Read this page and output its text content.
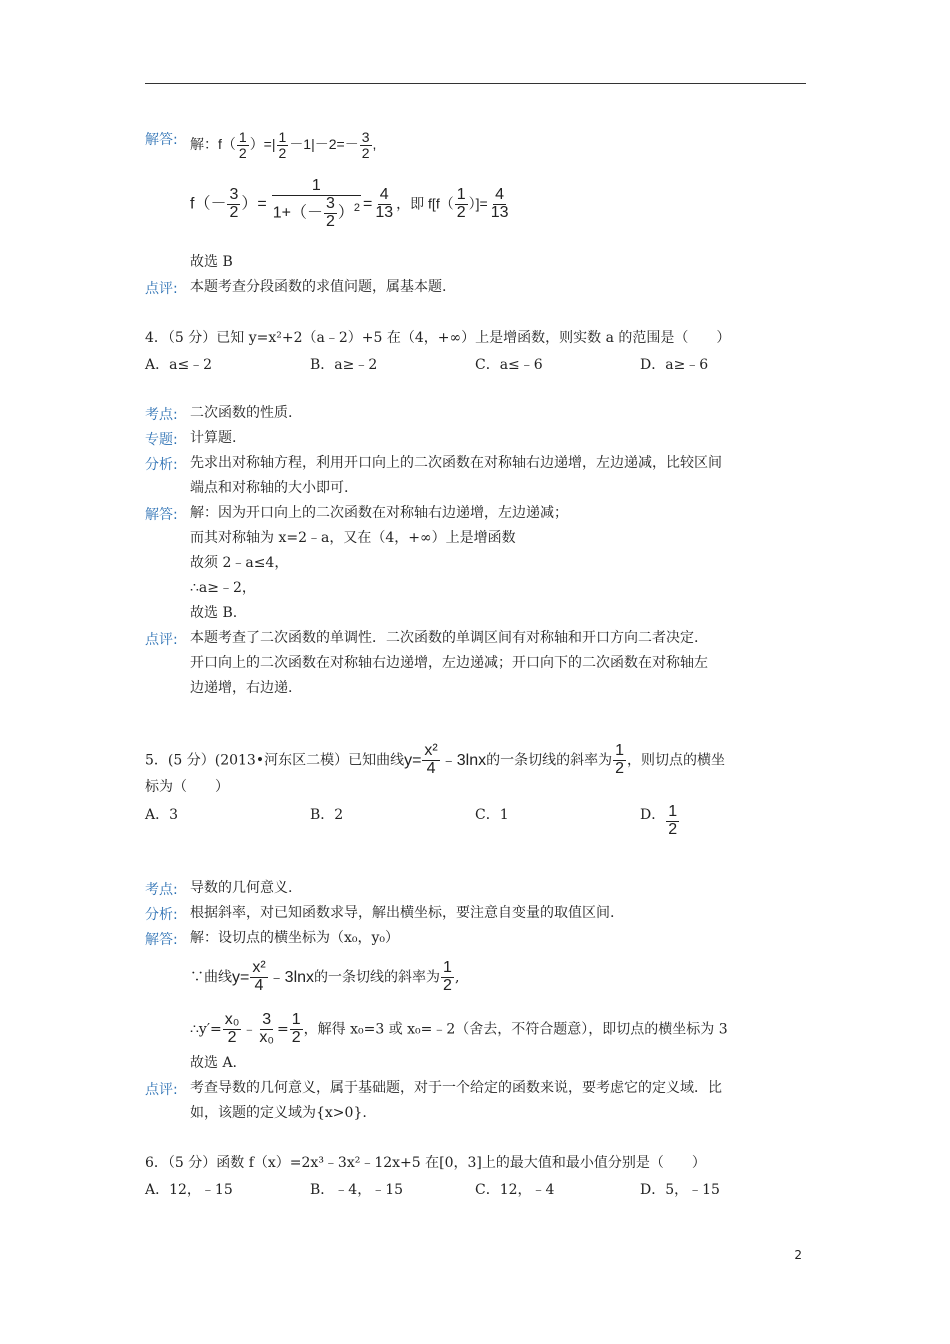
解答: 解：$f( \frac{1}{2}$ ）=| $\frac{1}{2} -1|-2=- \frac{3}{2}$ ,
$f(- \frac{3}{2}$ ）= $\frac{1}{1+(- \frac{3}{2} )^2} = \frac{4}{13}$ ，即 $f[f( \frac{1}{2}$ ）]= $\frac{4}{13}$
故选 B
点评: 本题考查分段函数的求值问题，属基本题.
4．（5 分）已知 y=x²+2（a﹣2）+5 在（4，+∞）上是增函数，则实数 a 的范围是（　　）
A．a≤﹣2	B．a≥﹣2	C．a≤﹣6	D．a≥﹣6
考点: 二次函数的性质.
专题: 计算题.
分析: 先求出对称轴方程，利用开口向上的二次函数在对称轴右边递增，左边递减，比较区间
端点和对称轴的大小即可.
解答: 解：因为开口向上的二次函数在对称轴右边递增，左边递减；
而其对称轴为 x=2﹣a，又在（4，+∞）上是增函数
故须 2﹣a≤4，
∴a≥﹣2，
故选 B.
点评: 本题考查了二次函数的单调性．二次函数的单调区间有对称轴和开口方向二者决定.
开口向上的二次函数在对称轴右边递增，左边递减；开口向下的二次函数在对称轴左
边递增，右边递.
5．(5 分）(2013•河东区二模）已知曲线$y= \frac{\text{x²}}{4}$ ﹣3lnx的一条切线的斜率为 $\frac{1}{2}$ ，则切点的横坐
标为（　　）
A．3	B．2	C．1	D． $\frac{1}{2}$
考点: 导数的几何意义.
分析: 根据斜率，对已知函数求导，解出横坐标，要注意自变量的取值区间.
解答: 解：设切点的横坐标为（x₀，y₀）
∵曲线$y= \frac{\text{x²}}{4}$ ﹣3lnx的一条切线的斜率为 $\frac{1}{2}$ ,
∴y′= $\frac{\text{x₀}}{2}$ ﹣ $\frac{3}{\text{x₀}} = \frac{1}{2}$ ，解得 x₀=3 或 x₀=﹣2（舍去，不符合题意），即切点的横坐标为 3
故选 A.
点评: 考查导数的几何意义，属于基础题，对于一个给定的函数来说，要考虑它的定义域．比
如，该题的定义域为{x>0}.
6．（5 分）函数 f（x）=2x³﹣3x²﹣12x+5 在[0，3]上的最大值和最小值分别是（　　）
A．12，﹣15	B．﹣4，﹣15	C．12，﹣4	D．5，﹣15
2
